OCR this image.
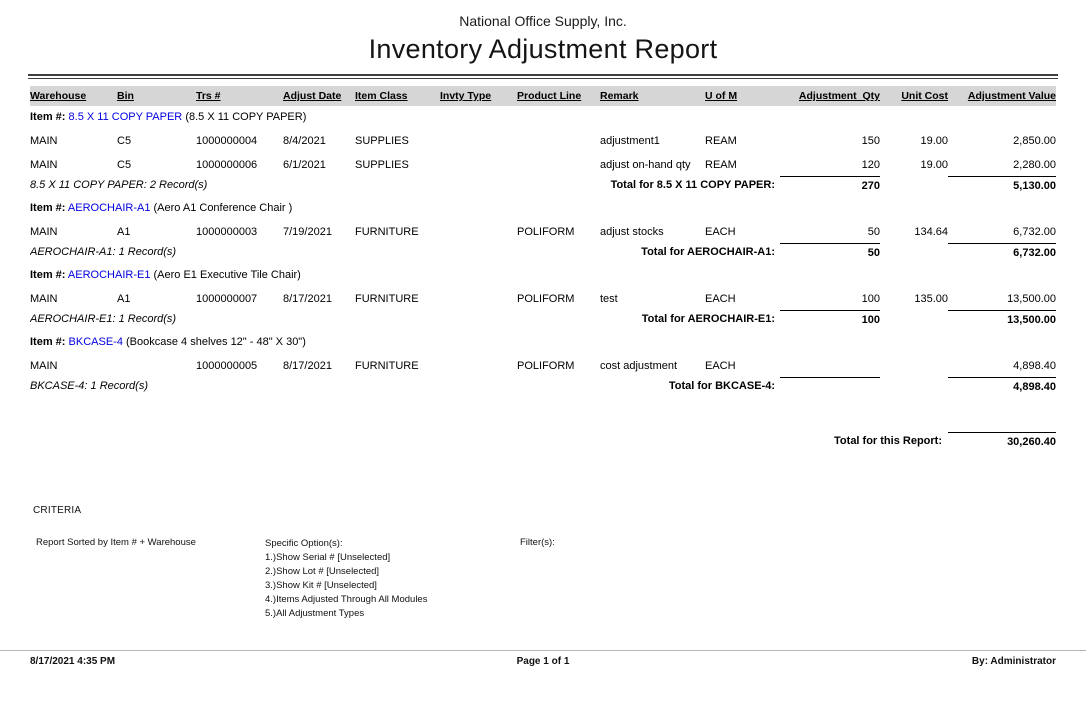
National Office Supply, Inc.
Inventory Adjustment Report
Warehouse	Bin	Trs #	Adjust Date	Item Class	Invty Type	Product Line	Remark	U of M	Adjustment  Qty	Unit Cost	Adjustment Value
Item #: 8.5 X 11 COPY PAPER (8.5 X 11 COPY PAPER)											
MAIN	C5	1000000004	8/4/2021	SUPPLIES			adjustment1	REAM	150	19.00	2,850.00
MAIN	C5	1000000006	6/1/2021	SUPPLIES			adjust on-hand qty	REAM	120	19.00	2,280.00
8.5 X 11 COPY PAPER: 2 Record(s)						Total for 8.5 X 11 COPY PAPER:			270		5,130.00
Item #: AEROCHAIR-A1 (Aero A1 Conference Chair )											
MAIN	A1	1000000003	7/19/2021	FURNITURE		POLIFORM	adjust stocks	EACH	50	134.64	6,732.00
AEROCHAIR-A1: 1 Record(s)						Total for AEROCHAIR-A1:			50		6,732.00
Item #: AEROCHAIR-E1 (Aero E1 Executive Tile Chair)											
MAIN	A1	1000000007	8/17/2021	FURNITURE		POLIFORM	test	EACH	100	135.00	13,500.00
AEROCHAIR-E1: 1 Record(s)						Total for AEROCHAIR-E1:			100		13,500.00
Item #: BKCASE-4 (Bookcase 4 shelves 12" - 48" X 30")											
MAIN		1000000005	8/17/2021	FURNITURE		POLIFORM	cost adjustment	EACH			4,898.40
BKCASE-4: 1 Record(s)						Total for BKCASE-4:					4,898.40

Total for this Report:											30,260.40
CRITERIA
Report Sorted by Item # + Warehouse	Specific Option(s):
1.)Show Serial # [Unselected]
2.)Show Lot # [Unselected]
3.)Show Kit # [Unselected]
4.)Items Adjusted Through All Modules
5.)All Adjustment Types
Filter(s):
8/17/2021 4:35 PM	Page 1 of 1	By: Administrator
